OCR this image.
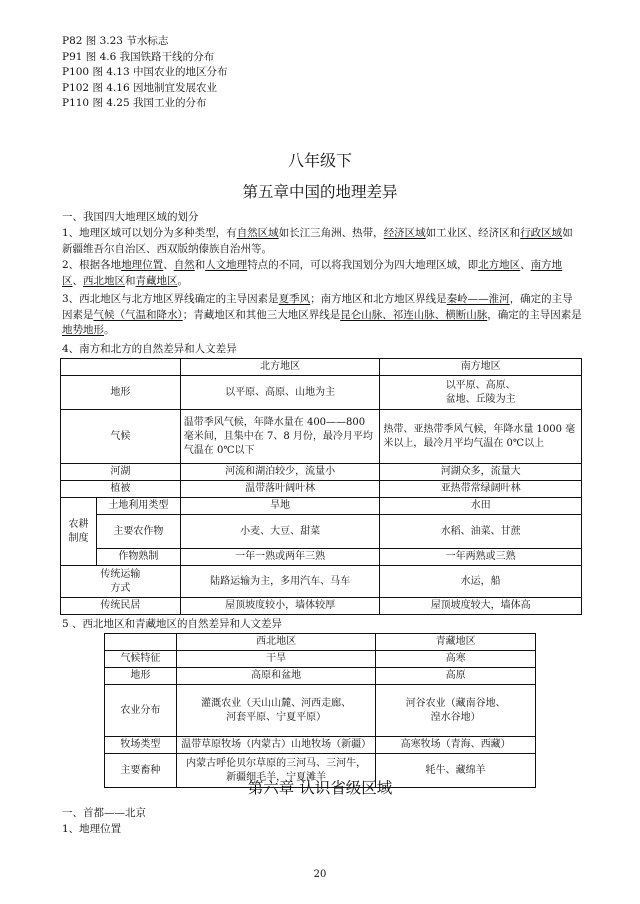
P82 图 3.23 节水标志
P91 图 4.6 我国铁路干线的分布
P100 图 4.13 中国农业的地区分布
P102 图 4.16 因地制宜发展农业
P110 图 4.25 我国工业的分布
八年级下
第五章中国的地理差异
一、我国四大地理区域的划分
1、地理区域可以划分为多种类型，有自然区域如长江三角洲、热带，经济区域如工业区、经济区和行政区域如新疆维吾尔自治区、西双版纳傣族自治州等。
2、根据各地地理位置、自然和人文地理特点的不同，可以将我国划分为四大地理区域，即北方地区、南方地区、西北地区和青藏地区。
3、西北地区与北方地区界线确定的主导因素是夏季风；南方地区和北方地区界线是秦岭——淮河，确定的主导因素是气候（气温和降水）；青藏地区和其他三大地区界线是昆仑山脉、祁连山脉、横断山脉，确定的主导因素是地势地形。
4、南方和北方的自然差异和人文差异
		北方地区	南方地区
地形		以平原、高原、山地为主	以平原、高原、
盆地、丘陵为主
气候		温带季风气候，年降水量在 400——800 毫米间，且集中在 7、8 月份，最冷月平均气温在 0℃以下	热带、亚热带季风气候，年降水量 1000 毫米以上，最冷月平均气温在 0℃以上
河湖		河流和湖泊较少，流量小	河湖众多，流量大
植被		温带落叶阔叶林	亚热带常绿阔叶林
农耕
制度	土地利用类型	旱地	水田
	主要农作物	小麦、大豆、甜菜	水稻、油菜、甘蔗
	作物熟制	一年一熟或两年三熟	一年两熟或三熟
传统运输
方式		陆路运输为主，多用汽车、马车	水运，船
传统民居		屋顶坡度较小，墙体较厚	屋顶坡度较大，墙体高
5 、西北地区和青藏地区的自然差异和人文差异
	西北地区	青藏地区
气候特征	干旱	高寒
地形	高原和盆地	高原
农业分布	灌溉农业（天山山麓、河西走廊、
河套平原、宁夏平原）	河谷农业（藏南谷地、
湟水谷地）
牧场类型	温带草原牧场（内蒙古）山地牧场（新疆）	高寒牧场（青海、西藏）
主要畜种	内蒙古呼伦贝尔草原的三河马、三河牛，
新疆细毛羊，宁夏滩羊	牦牛、藏绵羊
第六章 认识省级区域
一、首都——北京
1、地理位置
20
